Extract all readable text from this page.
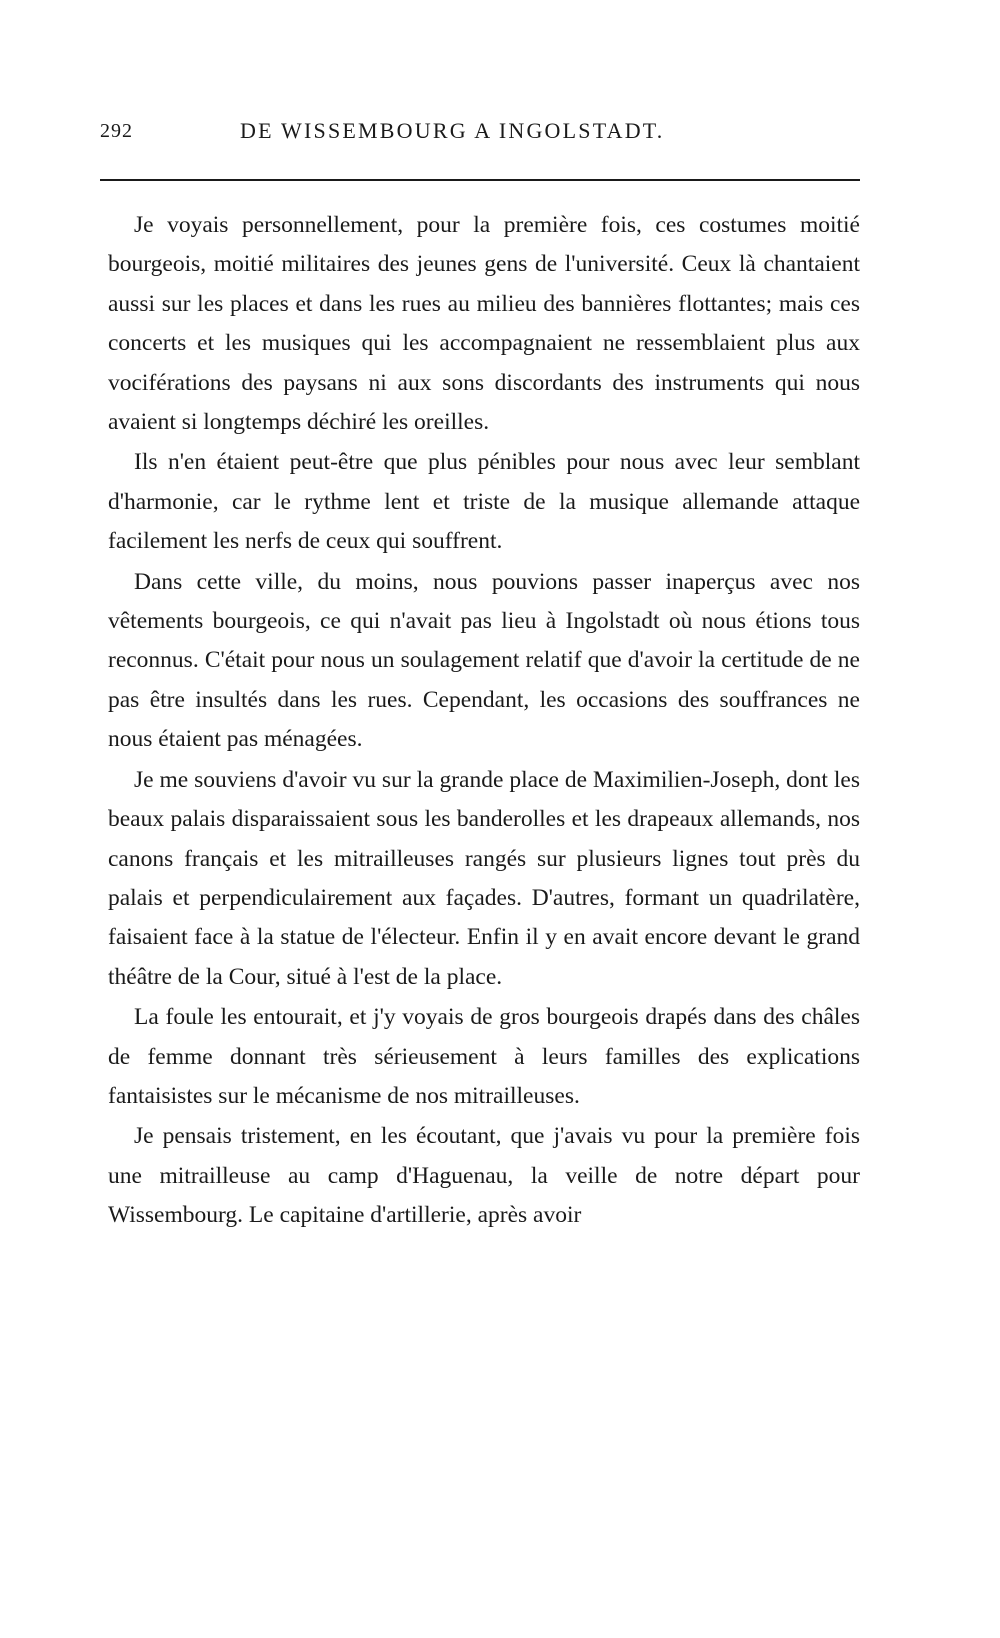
292	DE WISSEMBOURG A INGOLSTADT.

Je voyais personnellement, pour la première fois, ces costumes moitié bourgeois, moitié militaires des jeunes gens de l'université. Ceux là chantaient aussi sur les places et dans les rues au milieu des bannières flottantes; mais ces concerts et les musiques qui les accompagnaient ne ressemblaient plus aux vociférations des paysans ni aux sons discordants des instruments qui nous avaient si longtemps déchiré les oreilles.

Ils n'en étaient peut-être que plus pénibles pour nous avec leur semblant d'harmonie, car le rythme lent et triste de la musique allemande attaque facilement les nerfs de ceux qui souffrent.

Dans cette ville, du moins, nous pouvions passer inaperçus avec nos vêtements bourgeois, ce qui n'avait pas lieu à Ingolstadt où nous étions tous reconnus. C'était pour nous un soulagement relatif que d'avoir la certitude de ne pas être insultés dans les rues. Cependant, les occasions des souffrances ne nous étaient pas ménagées.

Je me souviens d'avoir vu sur la grande place de Maximilien-Joseph, dont les beaux palais disparaissaient sous les banderolles et les drapeaux allemands, nos canons français et les mitrailleuses rangés sur plusieurs lignes tout près du palais et perpendiculairement aux façades. D'autres, formant un quadrilatère, faisaient face à la statue de l'électeur. Enfin il y en avait encore devant le grand théâtre de la Cour, situé à l'est de la place.

La foule les entourait, et j'y voyais de gros bourgeois drapés dans des châles de femme donnant très sérieusement à leurs familles des explications fantaisistes sur le mécanisme de nos mitrailleuses.

Je pensais tristement, en les écoutant, que j'avais vu pour la première fois une mitrailleuse au camp d'Haguenau, la veille de notre départ pour Wissembourg. Le capitaine d'artillerie, après avoir
